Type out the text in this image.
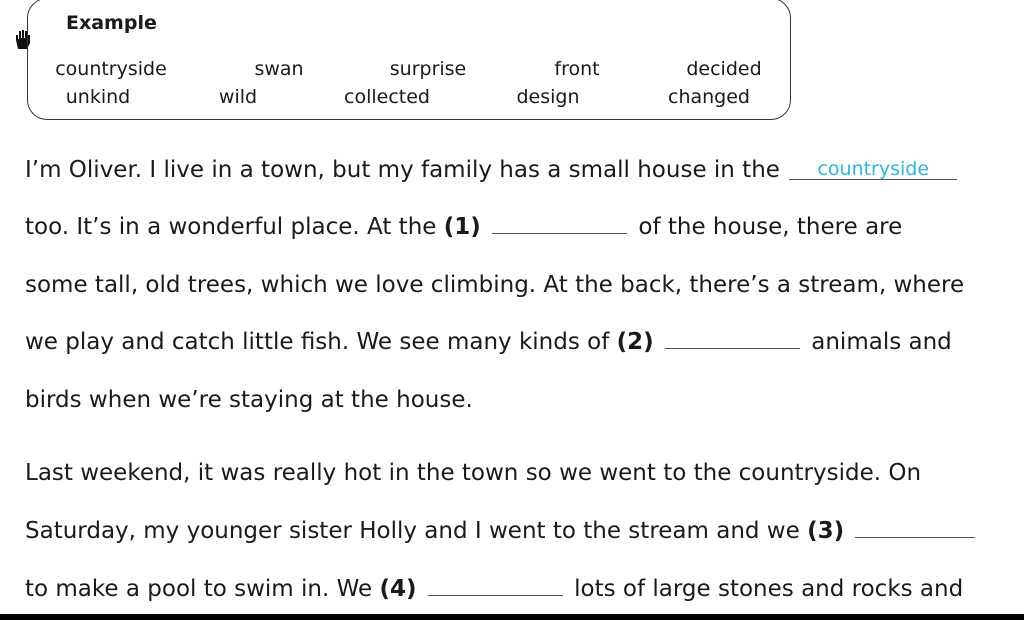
Example
countryside	swan	surprise	front	decided
unkind	wild	collected	design	changed
I’m Oliver. I live in a town, but my family has a small house in the countryside
too. It’s in a wonderful place. At the (1)	of the house, there are
some tall, old trees, which we love climbing. At the back, there’s a stream, where
we play and catch little fish. We see many kinds of (2)	animals and
birds when we’re staying at the house.
Last weekend, it was really hot in the town so we went to the countryside. On
Saturday, my younger sister Holly and I went to the stream and we (3)
to make a pool to swim in. We (4)	lots of large stones and rocks and
